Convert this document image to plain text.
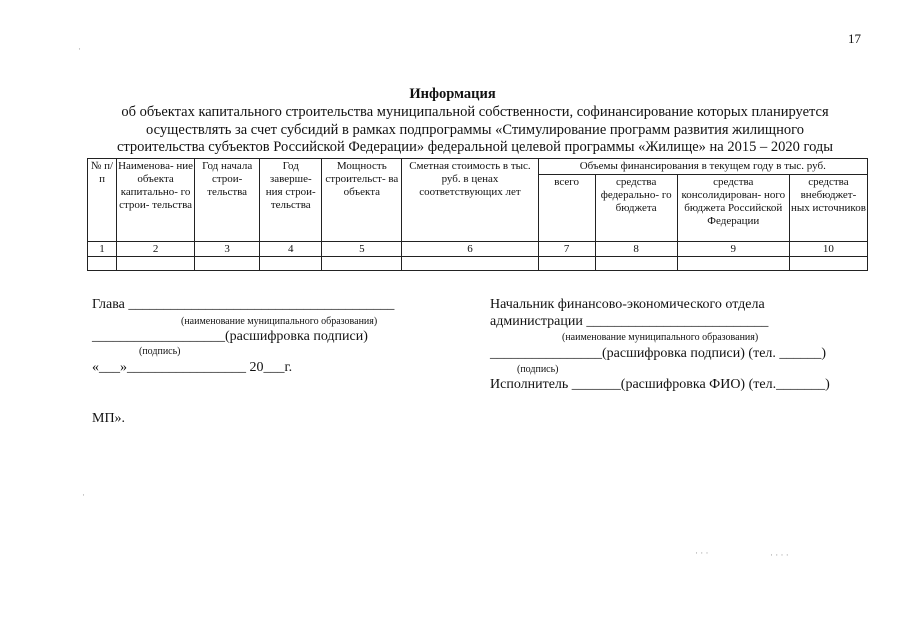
17
Информация
об объектах капитального строительства муниципальной собственности, софинансирование которых планируется
осуществлять за счет субсидий в рамках подпрограммы «Стимулирование программ развития жилищного
строительства субъектов Российской Федерации» федеральной целевой программы «Жилище» на 2015 – 2020 годы
№ п/п	Наименова- ние объекта капитально- го строи- тельства	Год начала строи- тельства	Год заверше- ния строи- тельства	Мощность строительст- ва объекта	Сметная стоимость в тыс. руб. в ценах соответствующих лет	Объемы финансирования в текущем году в тыс. руб.			
						всего	средства федерально- го бюджета	средства консолидирован- ного бюджета Российской Федерации	средства внебюджет- ных источников
1	2	3	4	5	6	7	8	9	10

Глава ______________________________________
(наименование муниципального образования)
___________________(расшифровка подписи)
(подпись)
«___»_________________ 20___г.
МП».
Начальник финансово-экономического отдела
администрации __________________________
(наименование муниципального образования)
________________(расшифровка подписи) (тел. ______)
(подпись)
Исполнитель _______(расшифровка ФИО) (тел._______)
·
·
· · ·	· · · ·
